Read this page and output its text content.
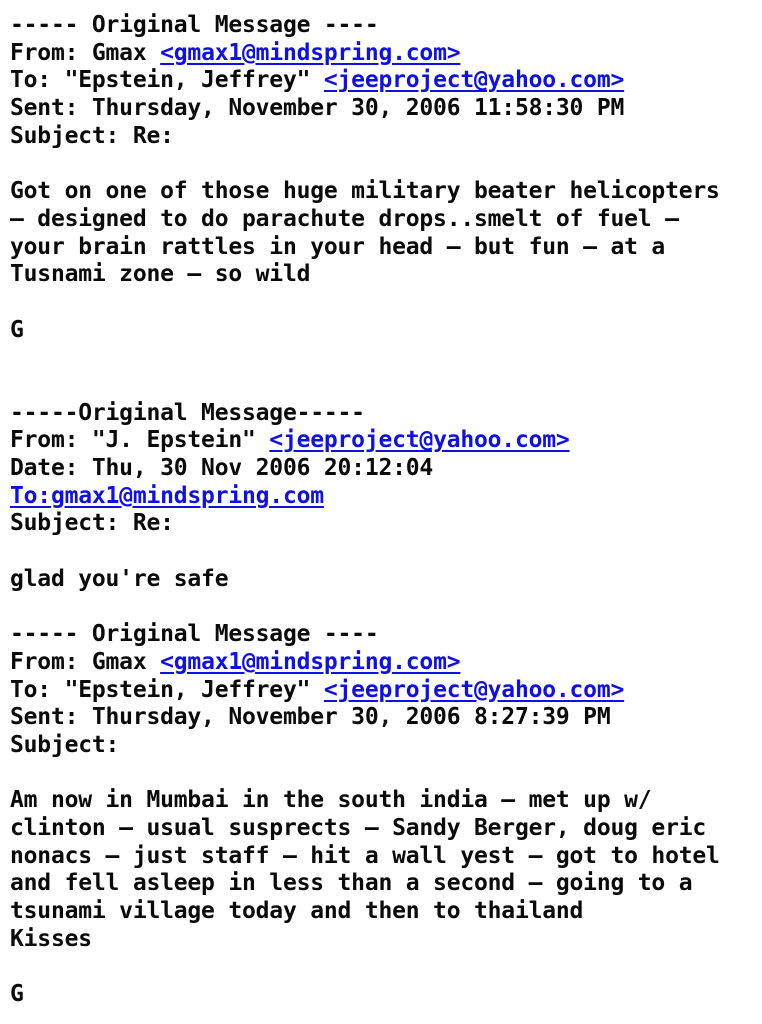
----- Original Message ----
From: Gmax <gmax1@mindspring.com>
To: "Epstein, Jeffrey" <jeeproject@yahoo.com>
Sent: Thursday, November 30, 2006 11:58:30 PM
Subject: Re:

Got on one of those huge military beater helicopters
– designed to do parachute drops..smelt of fuel –
your brain rattles in your head – but fun – at a
Tusnami zone – so wild

G

-----Original Message-----
From: "J. Epstein" <jeeproject@yahoo.com>
Date: Thu, 30 Nov 2006 20:12:04
To:gmax1@mindspring.com
Subject: Re:

glad you're safe

----- Original Message ----
From: Gmax <gmax1@mindspring.com>
To: "Epstein, Jeffrey" <jeeproject@yahoo.com>
Sent: Thursday, November 30, 2006 8:27:39 PM
Subject:

Am now in Mumbai in the south india – met up w/
clinton – usual susprects – Sandy Berger, doug eric
nonacs – just staff – hit a wall yest – got to hotel
and fell asleep in less than a second – going to a
tsunami village today and then to thailand
Kisses

G
